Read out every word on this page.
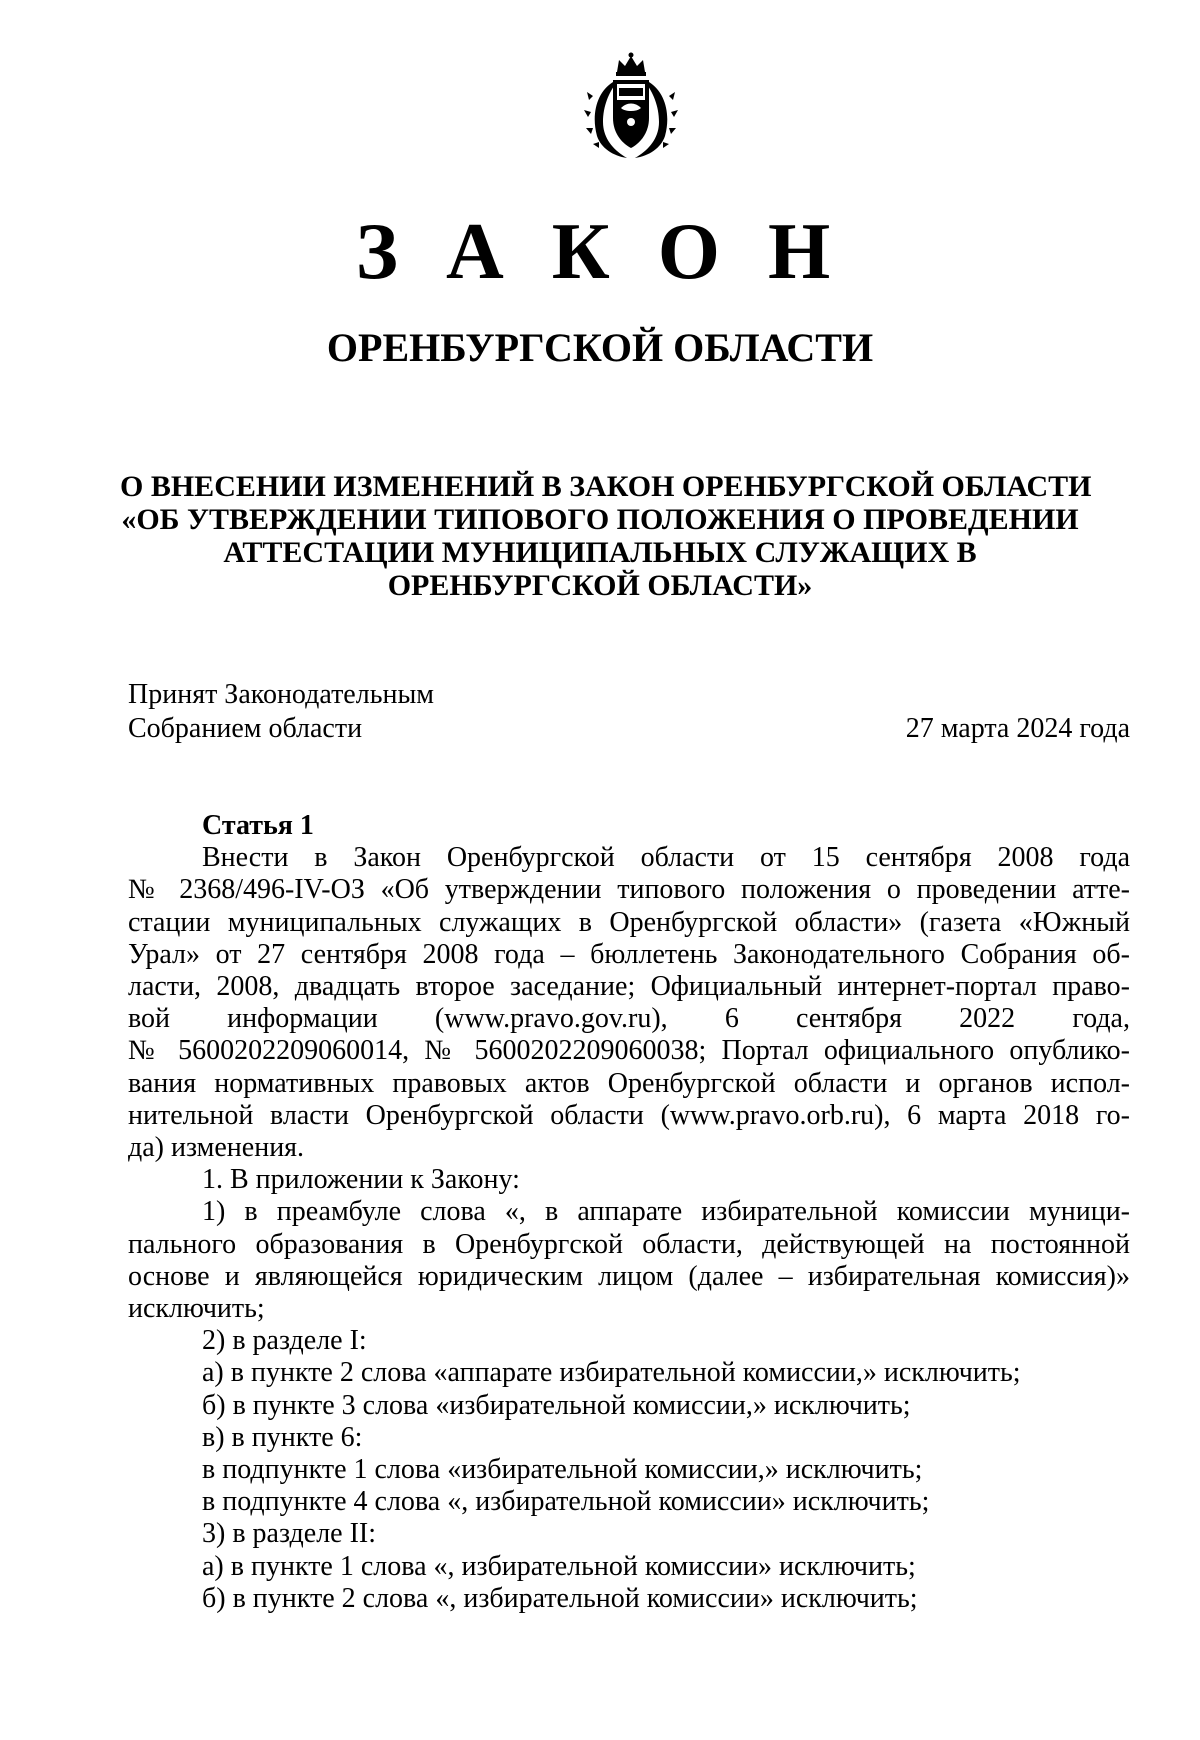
З А К О Н
ОРЕНБУРГСКОЙ ОБЛАСТИ
О ВНЕСЕНИИ ИЗМЕНЕНИЙ В ЗАКОН ОРЕНБУРГСКОЙ ОБЛАСТИ
«ОБ УТВЕРЖДЕНИИ ТИПОВОГО ПОЛОЖЕНИЯ О ПРОВЕДЕНИИ
АТТЕСТАЦИИ МУНИЦИПАЛЬНЫХ СЛУЖАЩИХ В
ОРЕНБУРГСКОЙ ОБЛАСТИ»
Принят Законодательным
Собранием области	27 марта 2024 года
Статья 1
Внести в Закон Оренбургской области от 15 сентября 2008 года
№ 2368/496-IV-ОЗ «Об утверждении типового положения о проведении атте-
стации муниципальных служащих в Оренбургской области» (газета «Южный
Урал» от 27 сентября 2008 года – бюллетень Законодательного Собрания об-
ласти, 2008, двадцать второе заседание; Официальный интернет-портал право-
вой информации (www.pravo.gov.ru), 6 сентября 2022 года,
№ 5600202209060014, № 5600202209060038; Портал официального опублико-
вания нормативных правовых актов Оренбургской области и органов испол-
нительной власти Оренбургской области (www.pravo.orb.ru), 6 марта 2018 го-
да) изменения.
1. В приложении к Закону:
1) в преамбуле слова «, в аппарате избирательной комиссии муници-
пального образования в Оренбургской области, действующей на постоянной
основе и являющейся юридическим лицом (далее – избирательная комиссия)»
исключить;
2) в разделе I:
а) в пункте 2 слова «аппарате избирательной комиссии,» исключить;
б) в пункте 3 слова «избирательной комиссии,» исключить;
в) в пункте 6:
в подпункте 1 слова «избирательной комиссии,» исключить;
в подпункте 4 слова «, избирательной комиссии» исключить;
3) в разделе II:
а) в пункте 1 слова «, избирательной комиссии» исключить;
б) в пункте 2 слова «, избирательной комиссии» исключить;
